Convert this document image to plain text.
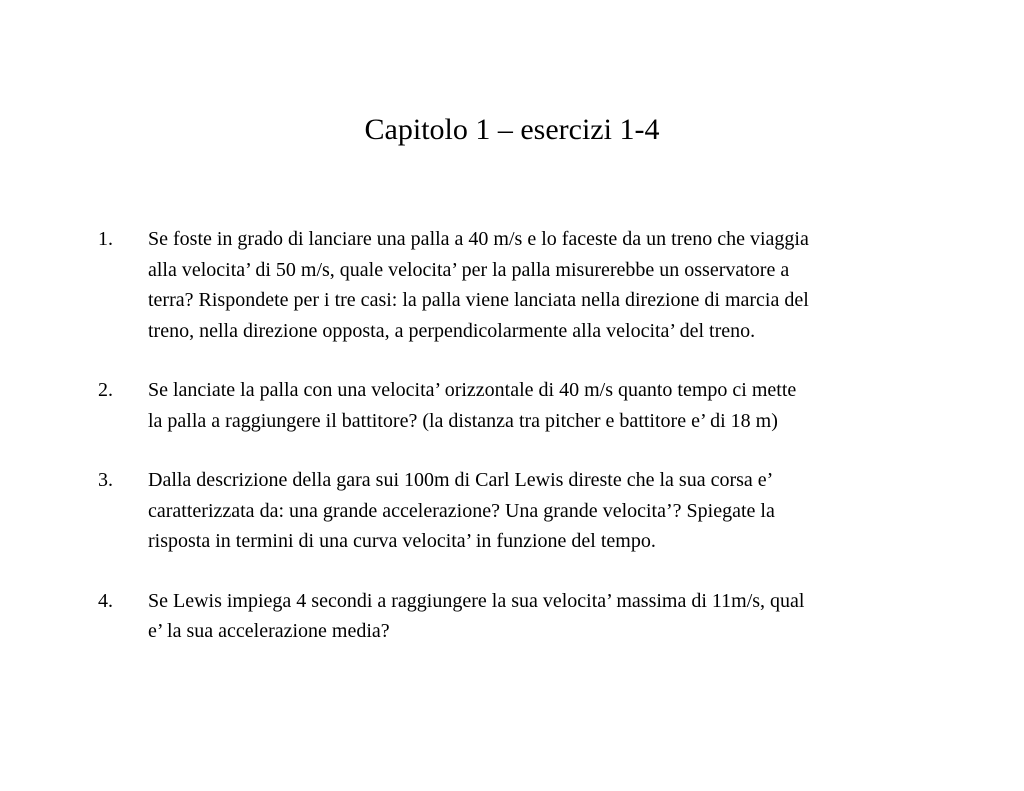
Capitolo 1 – esercizi 1-4
1. Se foste in grado di lanciare una palla a 40 m/s e lo faceste da un treno che viaggia
alla velocita’ di 50 m/s, quale velocita’ per la palla misurerebbe un osservatore a
terra? Rispondete per i tre casi: la palla viene lanciata nella direzione di marcia del
treno, nella direzione opposta, a perpendicolarmente alla velocita’ del treno.
2. Se lanciate la palla con una velocita’ orizzontale di 40 m/s quanto tempo ci mette
la palla a raggiungere il battitore? (la distanza tra pitcher e battitore e’ di 18 m)
3. Dalla descrizione della gara sui 100m di Carl Lewis direste che la sua corsa e’
caratterizzata da: una grande accelerazione? Una grande velocita’? Spiegate la
risposta in termini di una curva velocita’ in funzione del tempo.
4. Se Lewis impiega 4 secondi a raggiungere la sua velocita’ massima di 11m/s, qual
e’ la sua accelerazione media?
